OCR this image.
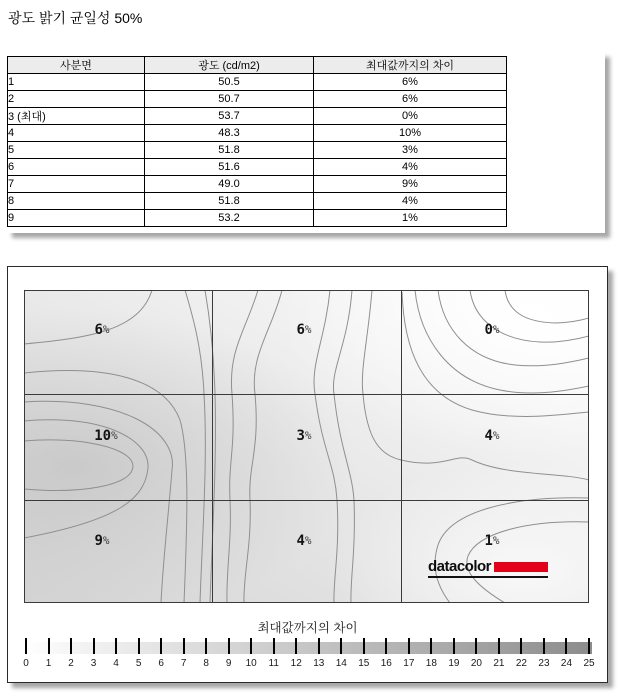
광도 밝기 균일성 50%
사분면	광도 (cd/m2)	최대값까지의 차이
1	50.5	6%
2	50.7	6%
3 (최대)	53.7	0%
4	48.3	10%
5	51.8	3%
6	51.6	4%
7	49.0	9%
8	51.8	4%
9	53.2	1%
6%	6%	0%
10%	3%	4%
9%	4%	1%
datacolor
최대값까지의 차이
0	1	2	3	4	5	6	7	8	9	10	11	12	13	14	15	16	17	18	19	20	21	22	23	24	25
